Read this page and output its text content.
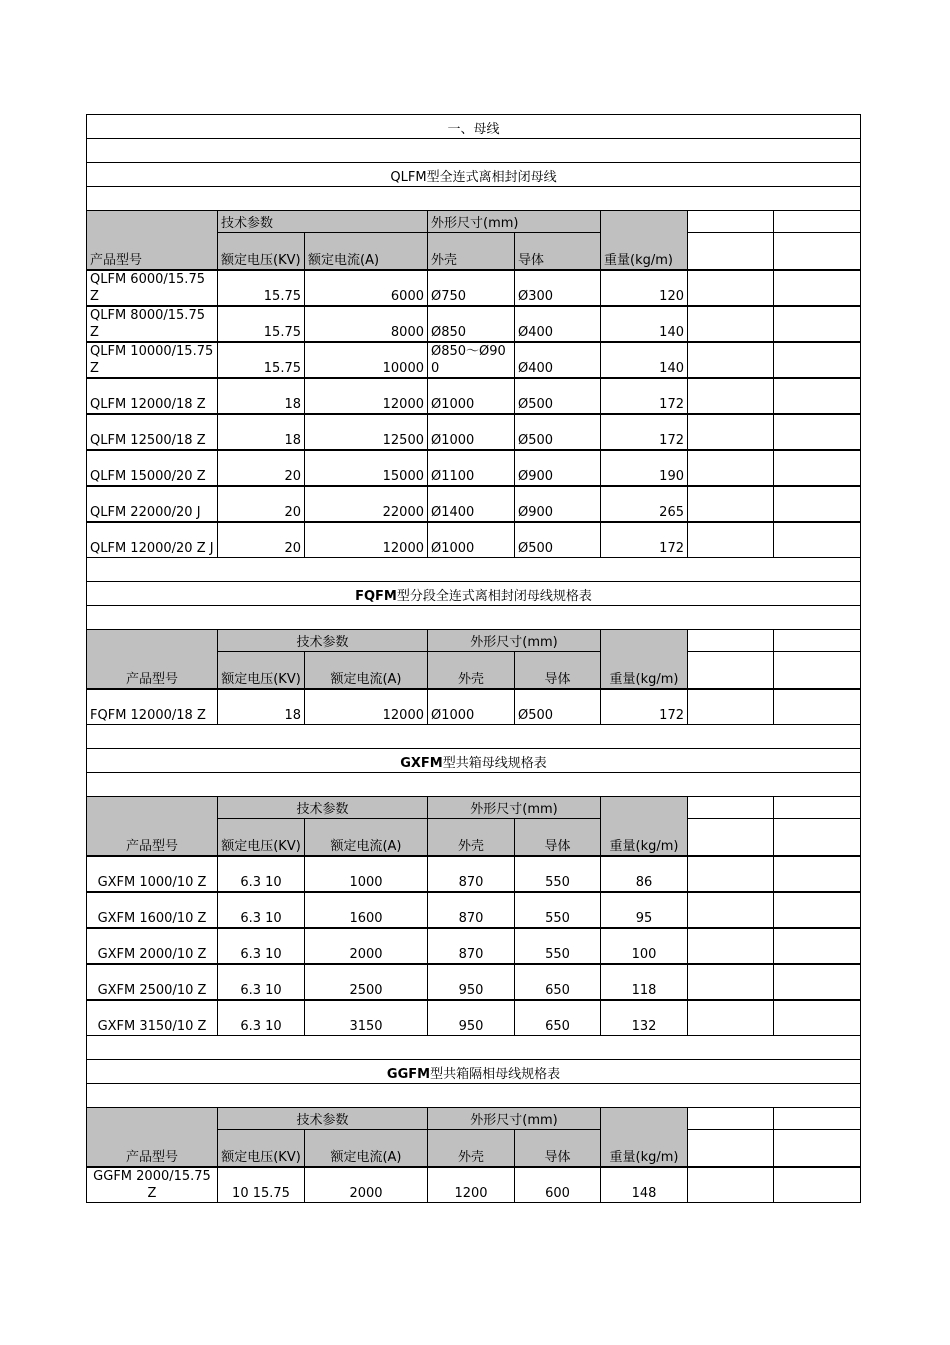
一、母线							

QLFM型全连式离相封闭母线							

产品型号	技术参数		外形尺寸(mm)		重量(kg/m)		
	额定电压(KV)	额定电流(A)	外壳	导体			
QLFM 6000/15.75 Z	15.75	6000	Ø750	Ø300	120		
QLFM 8000/15.75 Z	15.75	8000	Ø850	Ø400	140		
QLFM 10000/15.75 Z	15.75	10000	Ø850～Ø900	Ø400	140		
QLFM 12000/18 Z	18	12000	Ø1000	Ø500	172		
QLFM 12500/18 Z	18	12500	Ø1000	Ø500	172		
QLFM 15000/20 Z	20	15000	Ø1100	Ø900	190		
QLFM 22000/20 J	20	22000	Ø1400	Ø900	265		
QLFM 12000/20 Z J	20	12000	Ø1000	Ø500	172		

FQFM型分段全连式离相封闭母线规格表							

产品型号	技术参数		外形尺寸(mm)		重量(kg/m)		
	额定电压(KV)	额定电流(A)	外壳	导体			
FQFM 12000/18 Z	18	12000	Ø1000	Ø500	172		

GXFM型共箱母线规格表							

产品型号	技术参数		外形尺寸(mm)		重量(kg/m)		
	额定电压(KV)	额定电流(A)	外壳	导体			
GXFM 1000/10 Z	6.3 10	1000	870	550	86		
GXFM 1600/10 Z	6.3 10	1600	870	550	95		
GXFM 2000/10 Z	6.3 10	2000	870	550	100		
GXFM 2500/10 Z	6.3 10	2500	950	650	118		
GXFM 3150/10 Z	6.3 10	3150	950	650	132		

GGFM型共箱隔相母线规格表							

产品型号	技术参数		外形尺寸(mm)		重量(kg/m)		
	额定电压(KV)	额定电流(A)	外壳	导体			
GGFM 2000/15.75 Z	10 15.75	2000	1200	600	148		
